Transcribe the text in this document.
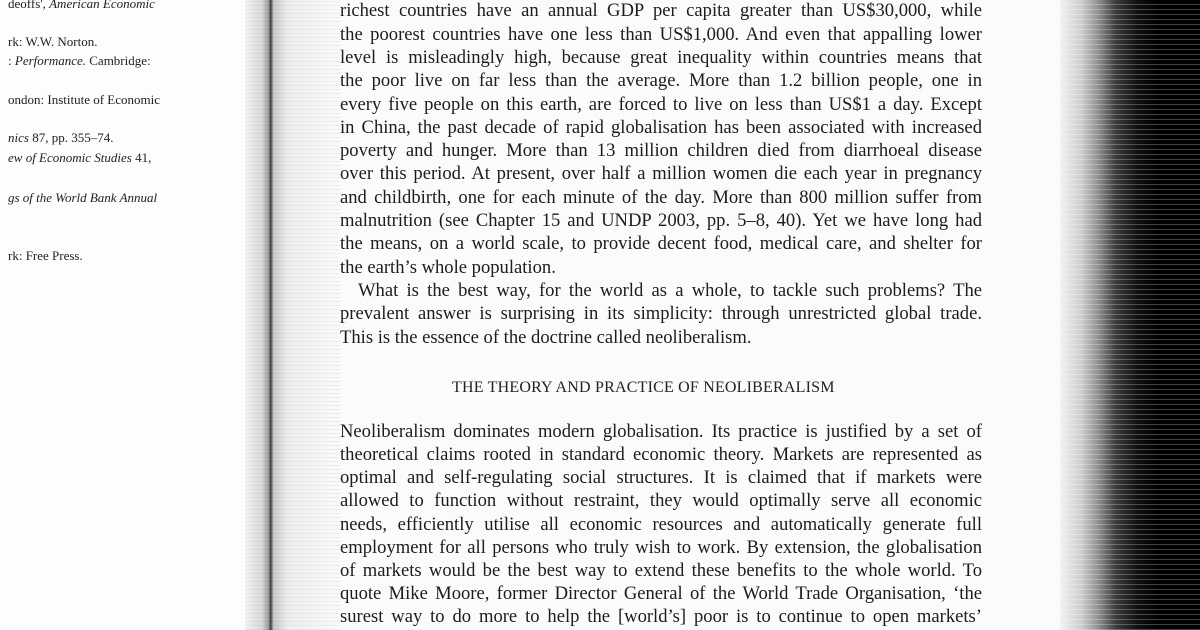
deoffs', American Economic
rk: W.W. Norton.
: Performance. Cambridge:
ondon: Institute of Economic
nics 87, pp. 355–74.
ew of Economic Studies 41,
gs of the World Bank Annual
rk: Free Press.
richest countries have an annual GDP per capita greater than US$30,000, while
the poorest countries have one less than US$1,000. And even that appalling lower
level is misleadingly high, because great inequality within countries means that
the poor live on far less than the average. More than 1.2 billion people, one in
every five people on this earth, are forced to live on less than US$1 a day. Except
in China, the past decade of rapid globalisation has been associated with increased
poverty and hunger. More than 13 million children died from diarrhoeal disease
over this period. At present, over half a million women die each year in pregnancy
and childbirth, one for each minute of the day. More than 800 million suffer from
malnutrition (see Chapter 15 and UNDP 2003, pp. 5–8, 40). Yet we have long had
the means, on a world scale, to provide decent food, medical care, and shelter for
the earth’s whole population.
What is the best way, for the world as a whole, to tackle such problems? The
prevalent answer is surprising in its simplicity: through unrestricted global trade.
This is the essence of the doctrine called neoliberalism.
THE THEORY AND PRACTICE OF NEOLIBERALISM
Neoliberalism dominates modern globalisation. Its practice is justified by a set of
theoretical claims rooted in standard economic theory. Markets are represented as
optimal and self-regulating social structures. It is claimed that if markets were
allowed to function without restraint, they would optimally serve all economic
needs, efficiently utilise all economic resources and automatically generate full
employment for all persons who truly wish to work. By extension, the globalisation
of markets would be the best way to extend these benefits to the whole world. To
quote Mike Moore, former Director General of the World Trade Organisation, ‘the
surest way to do more to help the [world’s] poor is to continue to open markets’
